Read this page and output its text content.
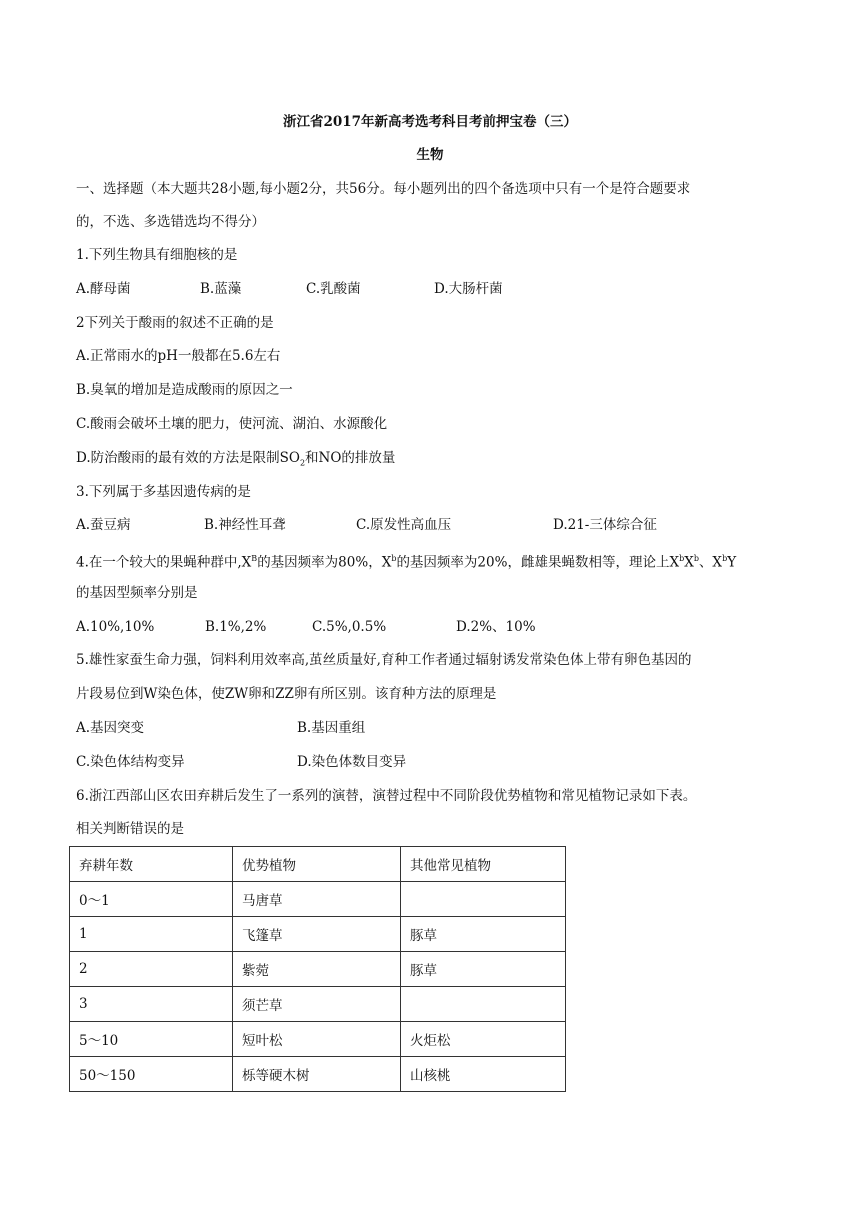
浙江省2017年新高考选考科目考前押宝卷（三）
生物
一、选择题（本大题共28小题,每小题2分，共56分。每小题列出的四个备选项中只有一个是符合题要求
的，不选、多选错选均不得分）
1.下列生物具有细胞核的是
A.酵母菌	B.蓝藻	C.乳酸菌	D.大肠杆菌
2下列关于酸雨的叙述不正确的是
A.正常雨水的pH一般都在5.6左右
B.臭氧的增加是造成酸雨的原因之一
C.酸雨会破坏土壤的肥力，使河流、湖泊、水源酸化
D.防治酸雨的最有效的方法是限制$SO_2$和NO的排放量
3.下列属于多基因遗传病的是
A.蚕豆病	B.神经性耳聋	C.原发性高血压	D.21-三体综合征
4.在一个较大的果蝇种群中$,X^B$的基因频率为80%，$X^b$的基因频率为20%，雌雄果蝇数相等，理论上$X^bX^b$、$X^bY$
的基因型频率分别是
A.10%,10%	B.1%,2%	C.5%,0.5%	D.2%、10%
5.雄性家蚕生命力强，饲料利用效率高,茧丝质量好,育种工作者通过辐射诱发常染色体上带有卵色基因的
片段易位到W染色体，使ZW卵和ZZ卵有所区别。该育种方法的原理是
A.基因突变	B.基因重组
C.染色体结构变异	D.染色体数目变异
6.浙江西部山区农田弃耕后发生了一系列的演替，演替过程中不同阶段优势植物和常见植物记录如下表。
相关判断错误的是
弃耕年数	优势植物	其他常见植物
0～1	马唐草	
1	飞篷草	豚草
2	紫菀	豚草
3	须芒草	
5～10	短叶松	火炬松
50～150	栎等硬木树	山核桃
